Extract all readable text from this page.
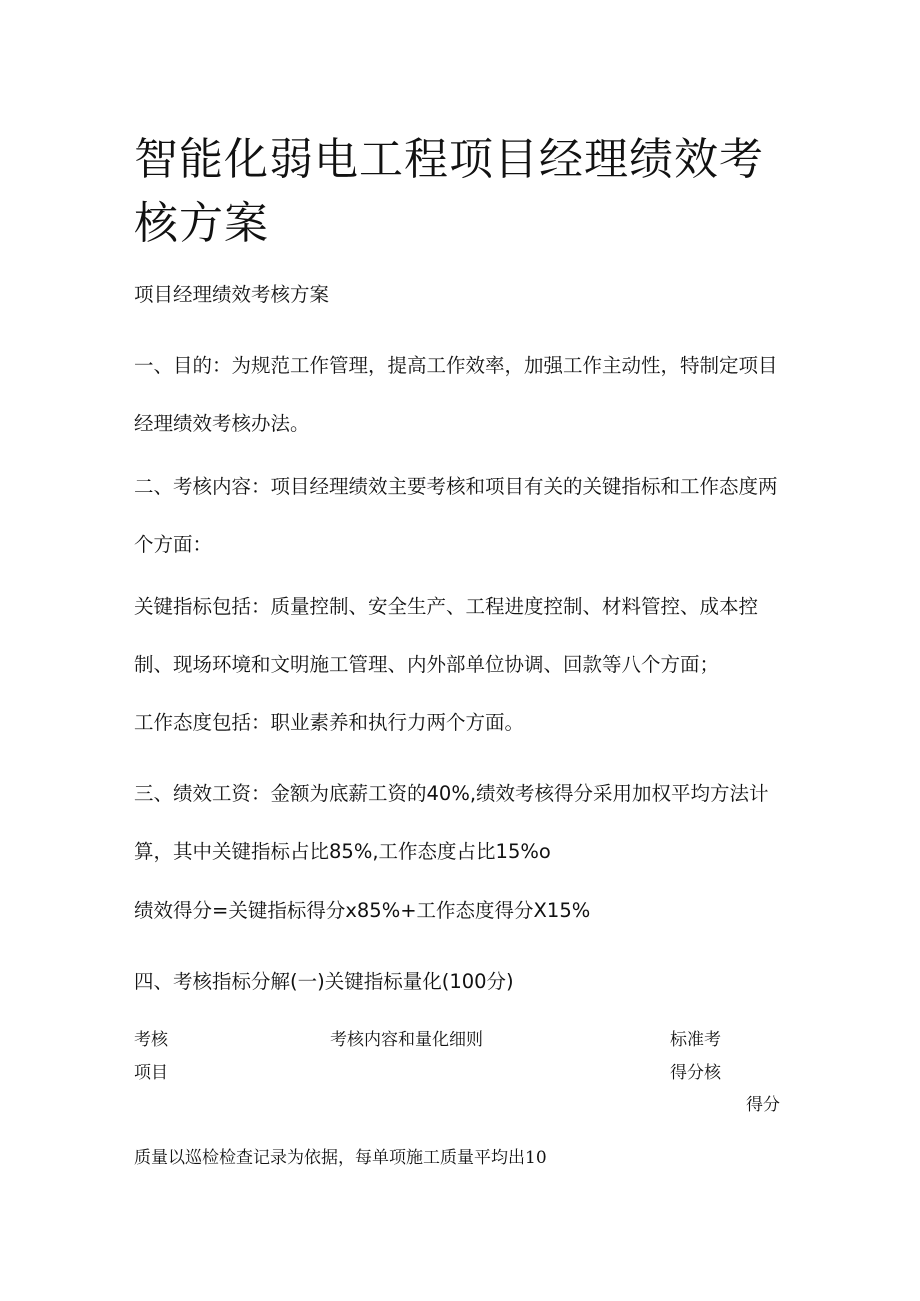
智能化弱电工程项目经理绩效考核方案

项目经理绩效考核方案

一、目的：为规范工作管理，提高工作效率，加强工作主动性，特制定项目经理绩效考核办法。

二、考核内容：项目经理绩效主要考核和项目有关的关键指标和工作态度两个方面：

关键指标包括：质量控制、安全生产、工程进度控制、材料管控、成本控制、现场环境和文明施工管理、内外部单位协调、回款等八个方面；

工作态度包括：职业素养和执行力两个方面。

三、绩效工资：金额为底薪工资的40%,绩效考核得分采用加权平均方法计算，其中关键指标占比85%,工作态度占比15%o

绩效得分=关键指标得分x85%+工作态度得分X15%

四、考核指标分解(一)关键指标量化(100分)

考核

项目

考核内容和量化细则	标准考

得分核

得分

质量以巡检检查记录为依据，每单项施工质量平均出10
